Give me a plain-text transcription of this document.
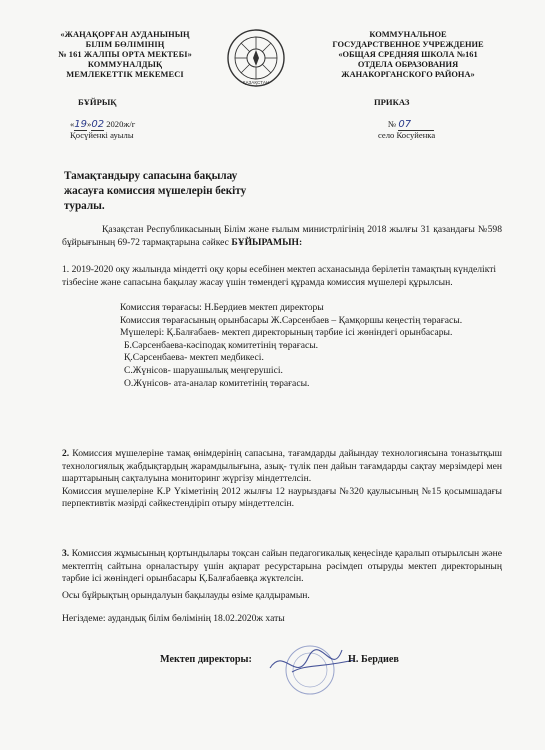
«ЖАҢАҚОРҒАН АУДАНЫНЫҢ
БІЛІМ БӨЛІМІНІҢ
№ 161 ЖАЛПЫ ОРТА МЕКТЕБІ»
КОММУНАЛДЫҚ
МЕМЛЕКЕТТІК МЕКЕМЕСІ
ҚАЗАҚСТАН
КОММУНАЛЬНОЕ
ГОСУДАРСТВЕННОЕ УЧРЕЖДЕНИЕ
«ОБЩАЯ СРЕДНЯЯ ШКОЛА №161
ОТДЕЛА ОБРАЗОВАНИЯ
ЖАНАКОРГАНСКОГО РАЙОНА»
БҰЙРЫҚ	ПРИКАЗ
«19»02 2020ж/г	№ 07
Қосүйенкі ауылы	село Косуйенка
Тамақтандыру сапасына бақылау
жасауға комиссия мүшелерін бекіту
туралы.
Қазақстан Республикасының Білім және ғылым министрлігінің 2018 жылғы 31 қазандағы №598 бұйрығының 69-72 тармақтарына сәйкес БҰЙЫРАМЫН:
1. 2019-2020 оқу жылында міндетті оқу қоры есебінен мектеп асханасында берілетін тамақтың күнделікті тізбесіне және сапасына бақылау жасау үшін төмендегі құрамда комиссия мүшелері құрылсын.
Комиссия төрағасы: Н.Бердиев мектеп директоры
Комиссия төрағасының орынбасары Ж.Сәрсенбаев – Қамқоршы кеңестің төрағасы.
Мүшелері: Қ.Балғабаев- мектеп директорының тәрбие ісі жөніндегі орынбасары.
Б.Сәрсенбаева-кәсіподақ комитетінің төрағасы.
Қ.Сәрсенбаева- мектеп медбикесі.
С.Жүнісов- шаруашылық меңгерушісі.
О.Жүнісов- ата-аналар комитетінің төрағасы.
2. Комиссия мүшелеріне тамақ өнімдерінің сапасына, тағамдарды дайындау технологиясына тоназытқыш технологиялық жабдықтардың жарамдылығына, азық- түлік пен дайын тағамдарды сақтау мерзімдері мен шарттарының сақталуына мониторинг жүргізу міндеттелсін.
Комиссия мүшелеріне К.Р Үкіметінің 2012 жылғы 12 наурыздағы №320 қаулысының №15 қосымшадағы перпективтік мәзірді сәйкестендіріп отыру міндеттелсін.
3. Комиссия жұмысының қортындылары тоқсан сайын педагогикалық кеңесінде қаралып отырылсын және мектептің сайтына орналастыру үшін ақпарат ресурстарына рәсімдеп отыруды мектеп директорының тәрбие ісі жөніндегі орынбасары Қ.Балғабаевқа жүктелсін.
Осы бұйрықтың орындалуын бақылауды өзіме қалдырамын.
Негіздеме: аудандық білім бөлімінің 18.02.2020ж хаты
Мектеп директоры:	Н. Бердиев
